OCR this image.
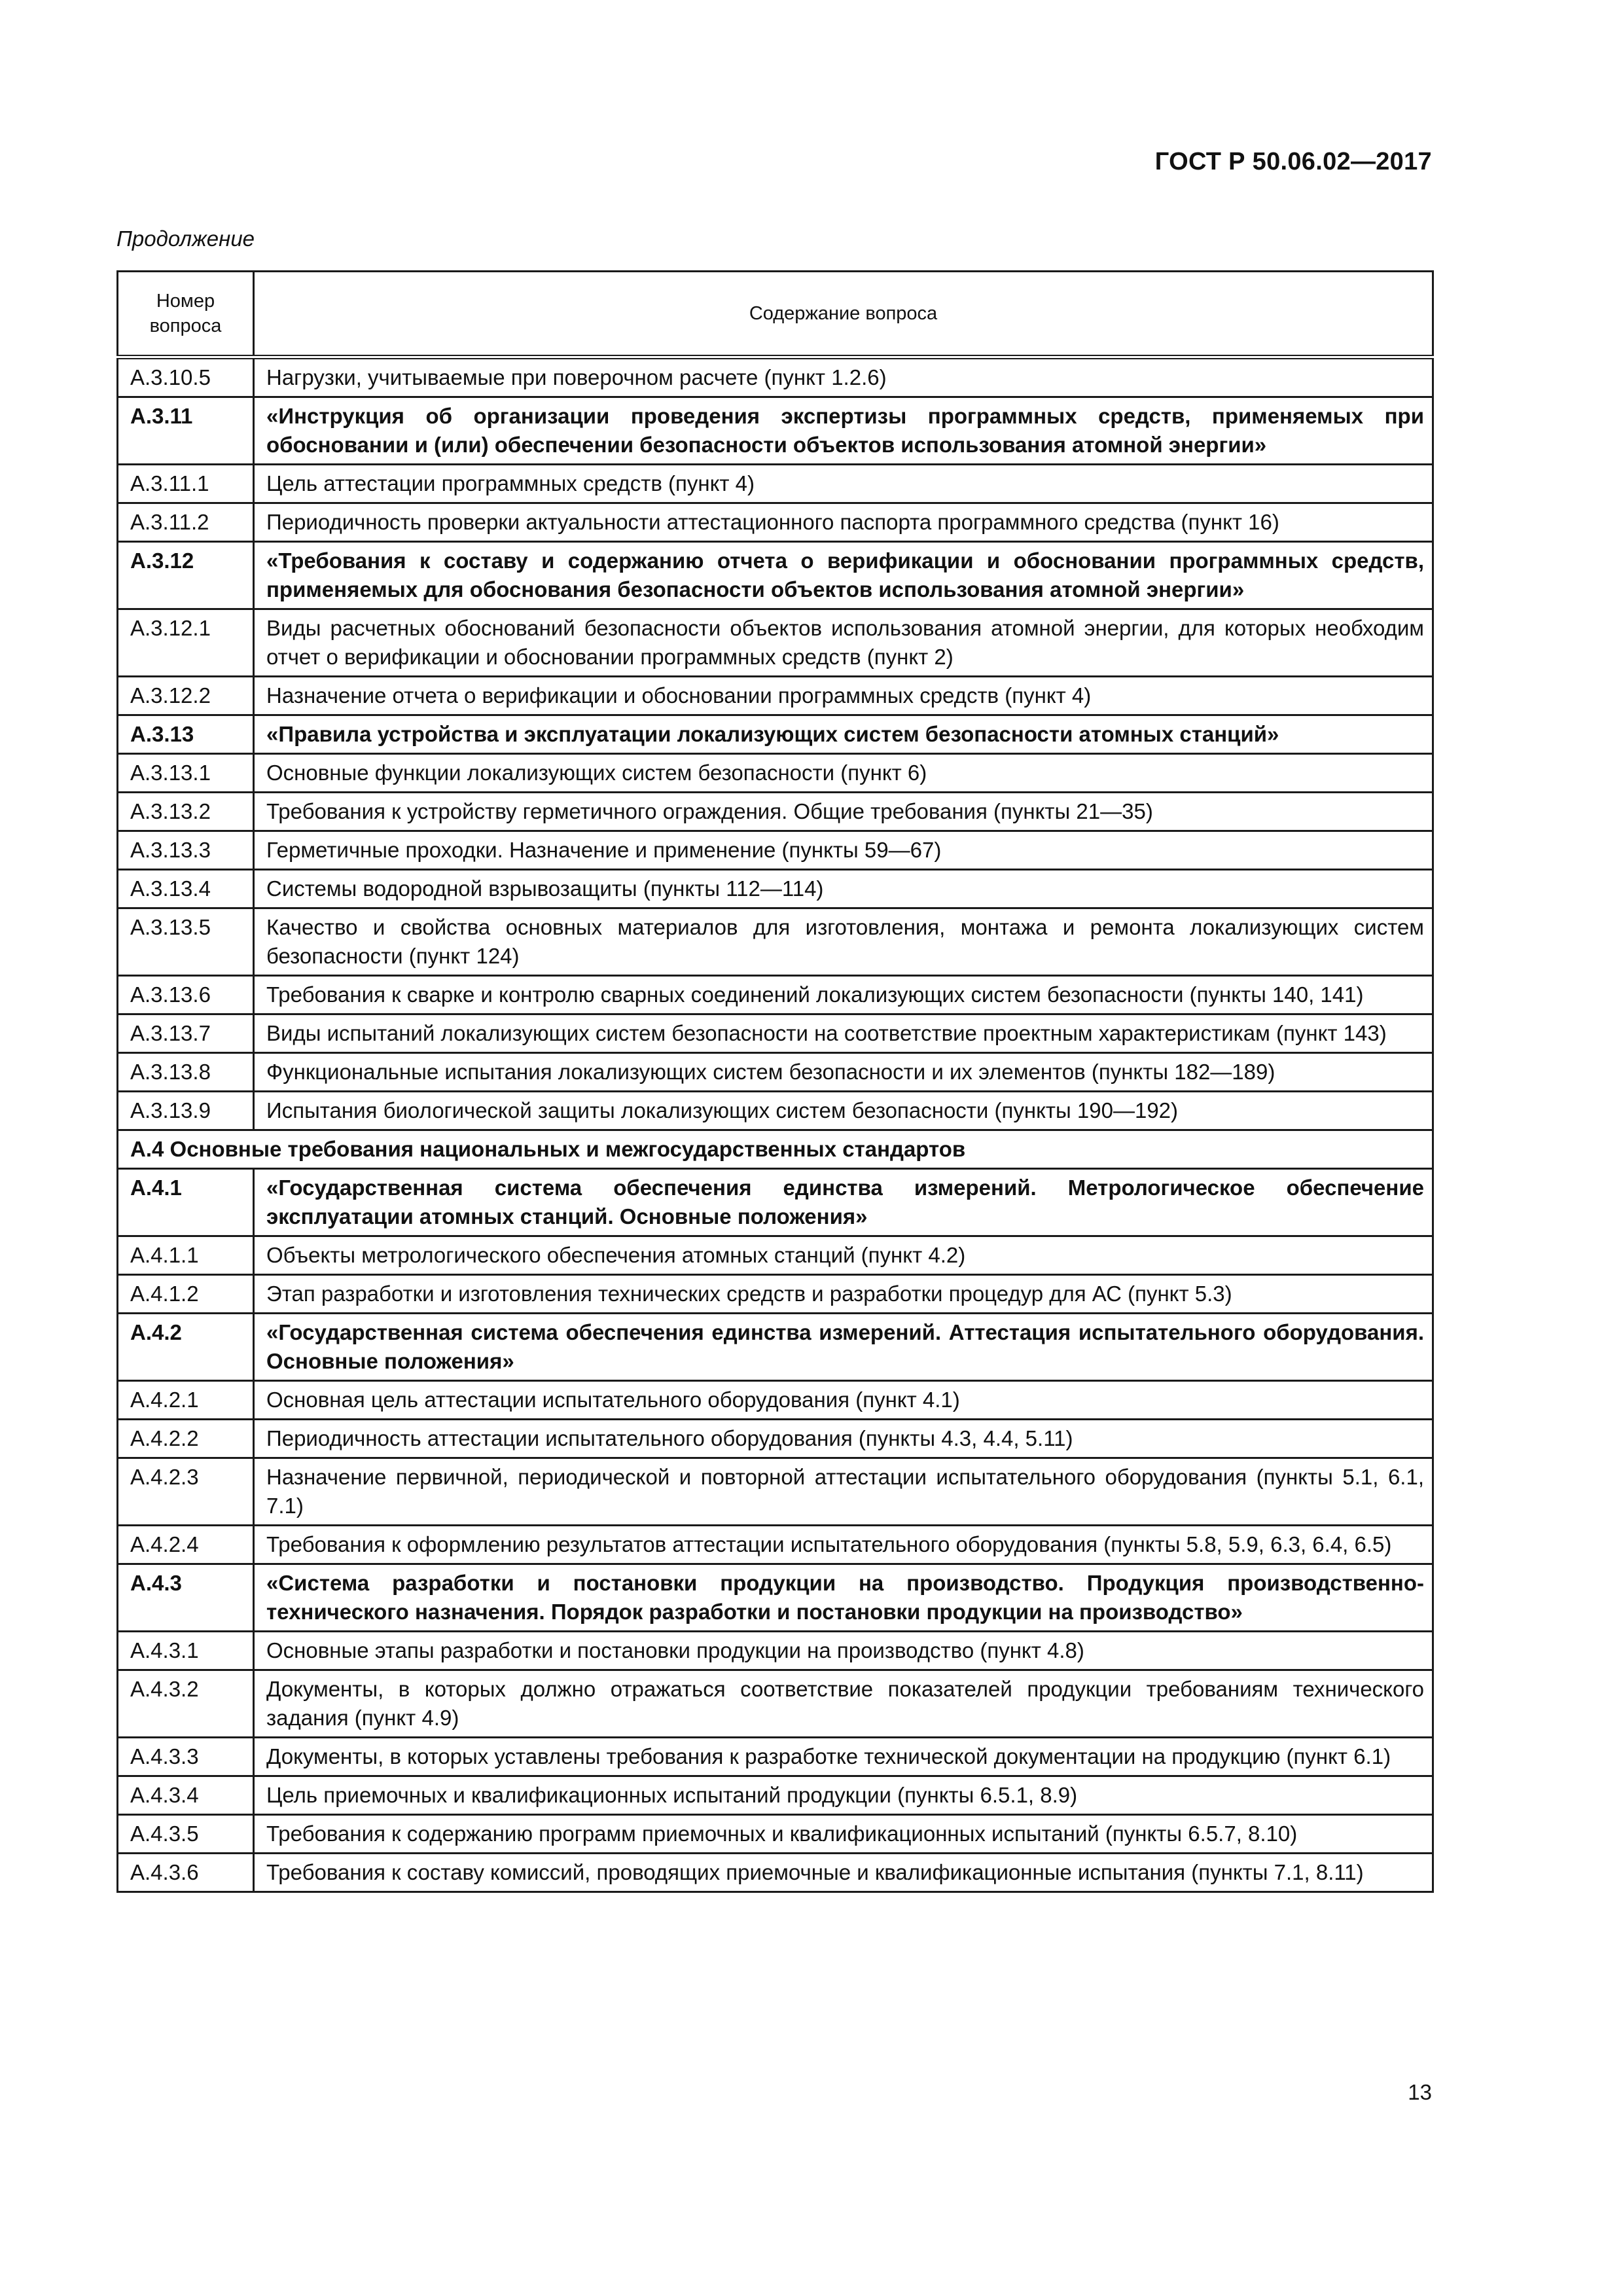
ГОСТ Р 50.06.02—2017
Продолжение
Номер вопроса	Содержание вопроса
А.3.10.5	Нагрузки, учитываемые при поверочном расчете (пункт 1.2.6)
А.3.11	«Инструкция об организации проведения экспертизы программных средств, применяемых при обосновании и (или) обеспечении безопасности объектов использования атомной энергии»
А.3.11.1	Цель аттестации программных средств (пункт 4)
А.3.11.2	Периодичность проверки актуальности аттестационного паспорта программного средства (пункт 16)
А.3.12	«Требования к составу и содержанию отчета о верификации и обосновании программных средств, применяемых для обоснования безопасности объектов использования атомной энергии»
А.3.12.1	Виды расчетных обоснований безопасности объектов использования атомной энергии, для которых необходим отчет о верификации и обосновании программных средств (пункт 2)
А.3.12.2	Назначение отчета о верификации и обосновании программных средств (пункт 4)
А.3.13	«Правила устройства и эксплуатации локализующих систем безопасности атомных станций»
А.3.13.1	Основные функции локализующих систем безопасности (пункт 6)
А.3.13.2	Требования к устройству герметичного ограждения. Общие требования (пункты 21—35)
А.3.13.3	Герметичные проходки. Назначение и применение (пункты 59—67)
А.3.13.4	Системы водородной взрывозащиты (пункты 112—114)
А.3.13.5	Качество и свойства основных материалов для изготовления, монтажа и ремонта локализующих систем безопасности (пункт 124)
А.3.13.6	Требования к сварке и контролю сварных соединений локализующих систем безопасности (пункты 140, 141)
А.3.13.7	Виды испытаний локализующих систем безопасности на соответствие проектным характеристикам (пункт 143)
А.3.13.8	Функциональные испытания локализующих систем безопасности и их элементов (пункты 182—189)
А.3.13.9	Испытания биологической защиты локализующих систем безопасности (пункты 190—192)
А.4 Основные требования национальных и межгосударственных стандартов	
А.4.1	«Государственная система обеспечения единства измерений. Метрологическое обеспечение эксплуатации атомных станций. Основные положения»
А.4.1.1	Объекты метрологического обеспечения атомных станций (пункт 4.2)
А.4.1.2	Этап разработки и изготовления технических средств и разработки процедур для АС (пункт 5.3)
А.4.2	«Государственная система обеспечения единства измерений. Аттестация испытательного оборудования. Основные положения»
А.4.2.1	Основная цель аттестации испытательного оборудования (пункт 4.1)
А.4.2.2	Периодичность аттестации испытательного оборудования (пункты 4.3, 4.4, 5.11)
А.4.2.3	Назначение первичной, периодической и повторной аттестации испытательного оборудования (пункты 5.1, 6.1, 7.1)
А.4.2.4	Требования к оформлению результатов аттестации испытательного оборудования (пункты 5.8, 5.9, 6.3, 6.4, 6.5)
А.4.3	«Система разработки и постановки продукции на производство. Продукция производственно-технического назначения. Порядок разработки и постановки продукции на производство»
А.4.3.1	Основные этапы разработки и постановки продукции на производство (пункт 4.8)
А.4.3.2	Документы, в которых должно отражаться соответствие показателей продукции требованиям технического задания (пункт 4.9)
А.4.3.3	Документы, в которых уставлены требования к разработке технической документации на продукцию (пункт 6.1)
А.4.3.4	Цель приемочных и квалификационных испытаний продукции (пункты 6.5.1, 8.9)
А.4.3.5	Требования к содержанию программ приемочных и квалификационных испытаний (пункты 6.5.7, 8.10)
А.4.3.6	Требования к составу комиссий, проводящих приемочные и квалификационные испытания (пункты 7.1, 8.11)
13
